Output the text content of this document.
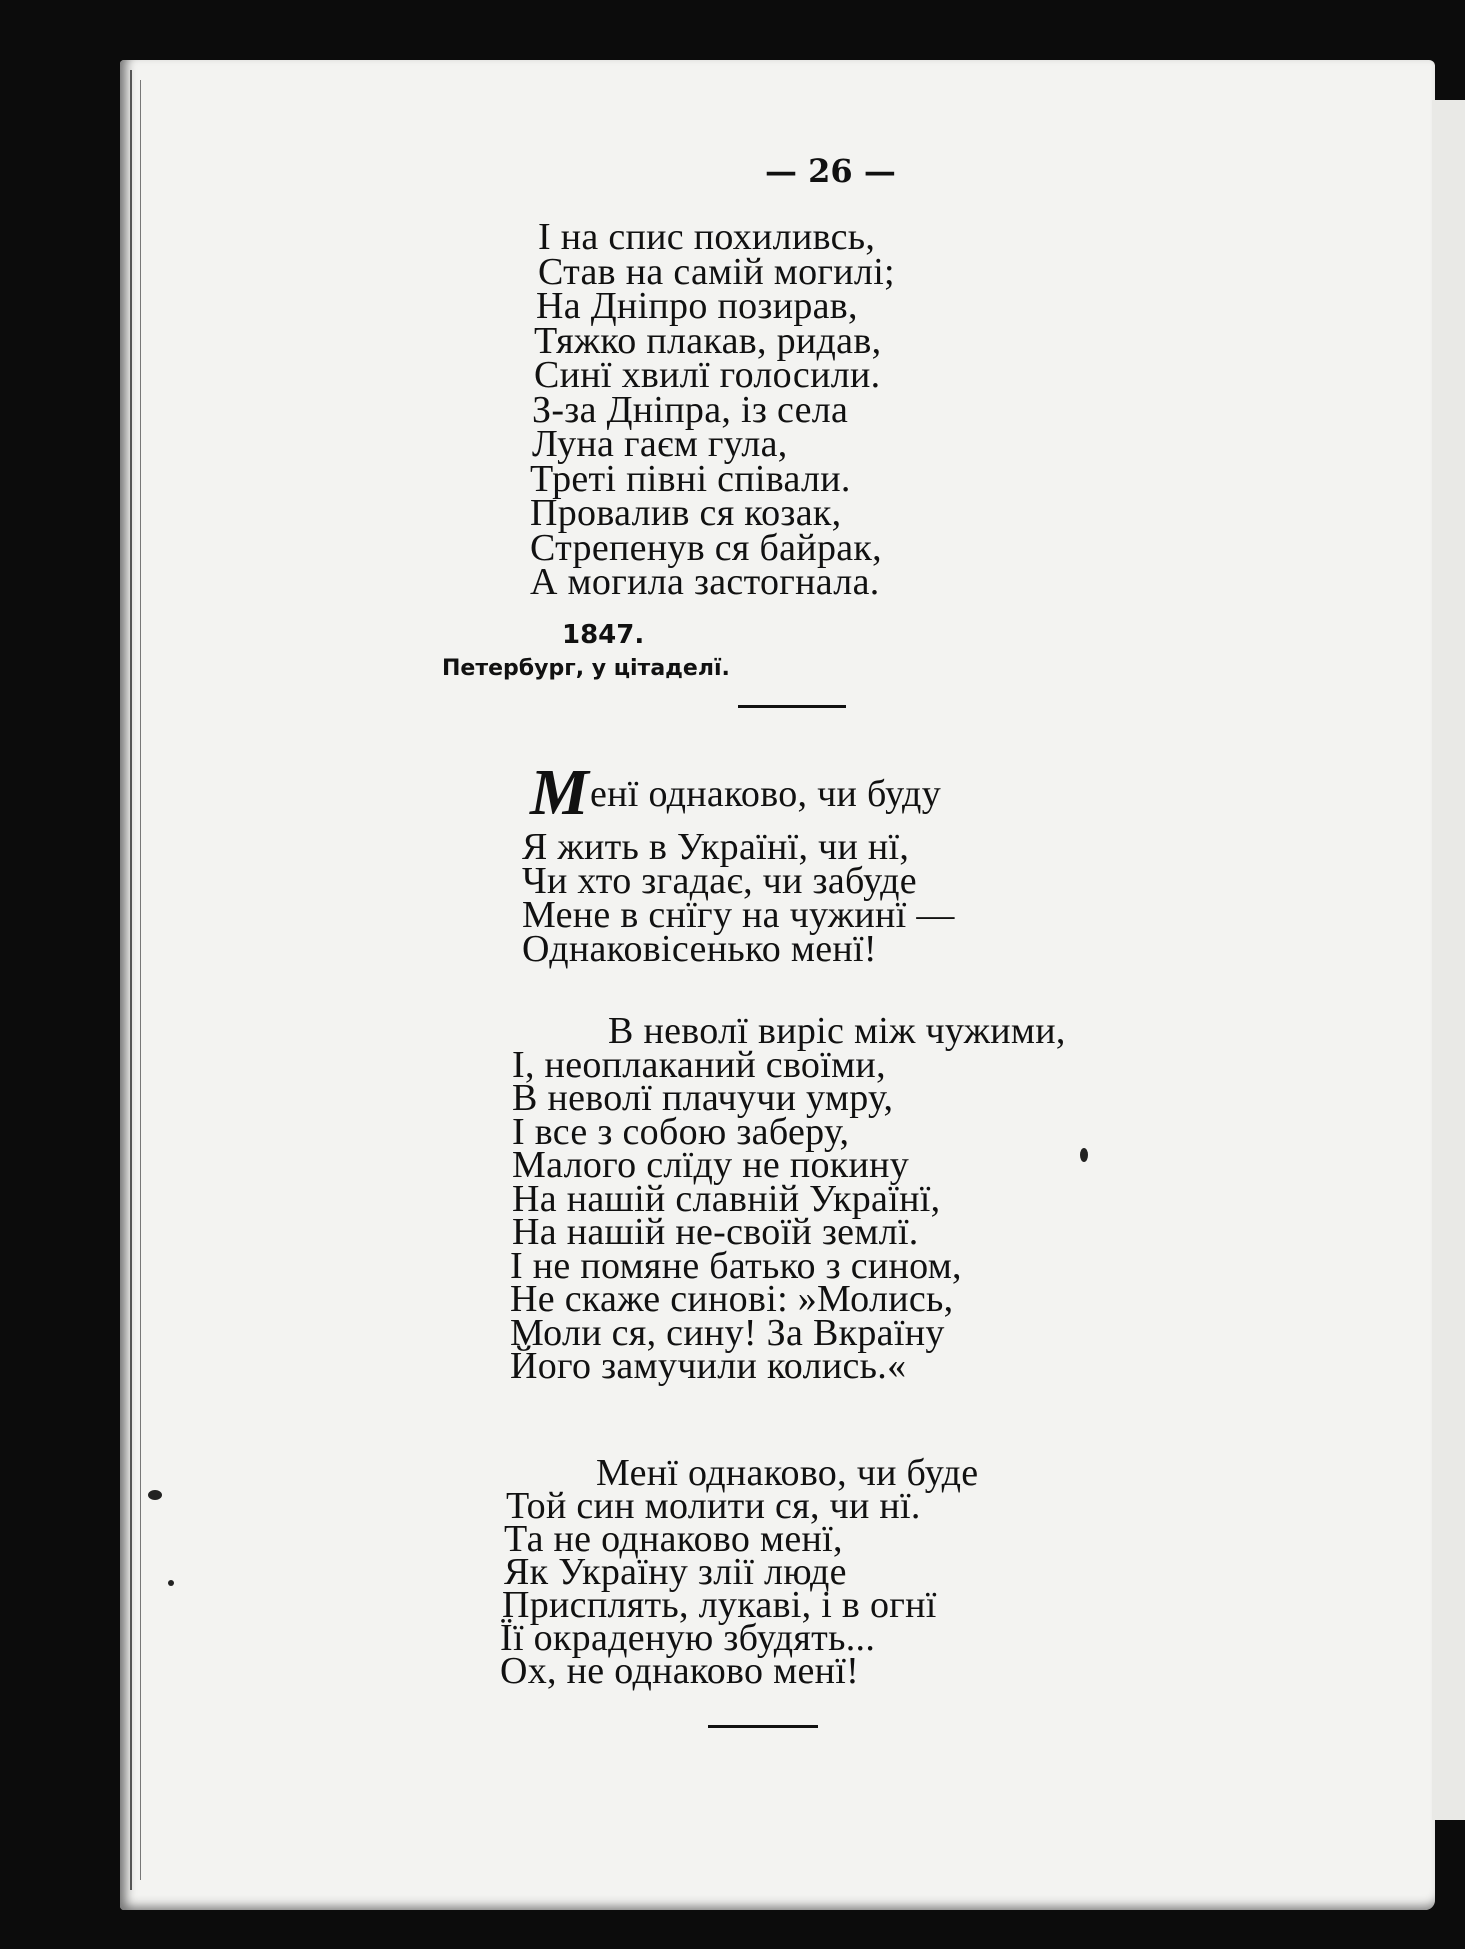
— 26 —
І на спис похиливсь,
Став на самій могилі;
На Дніпро позирав,
Тяжко плакав, ридав,
Синї хвилї голосили.
З-за Дніпра, із села
Луна гаєм гула,
Треті півні співали.
Провалив ся козак,
Стрепенув ся байрак,
А могила застогнала.
1847.
Петербург, у цітаделї.
Менї однаково, чи буду
Я жить в Українї, чи нї,
Чи хто згадає, чи забуде
Мене в снїгу на чужинї —
Однаковісенько менї!
В неволї виріс між чужими,
І, неоплаканий своїми,
В неволї плачучи умру,
І все з собою заберу,
Малого слїду не покину
На нашій славній Українї,
На нашій не-своїй землї.
І не помяне батько з сином,
Не скаже синові: »Молись,
Моли ся, сину! За Вкраїну
Його замучили колись.«
Менї однаково, чи буде
Той син молити ся, чи нї.
Та не однаково менї,
Як Україну злії люде
Присплять, лукаві, і в огнї
Її окраденую збудять...
Ох, не однаково менї!
